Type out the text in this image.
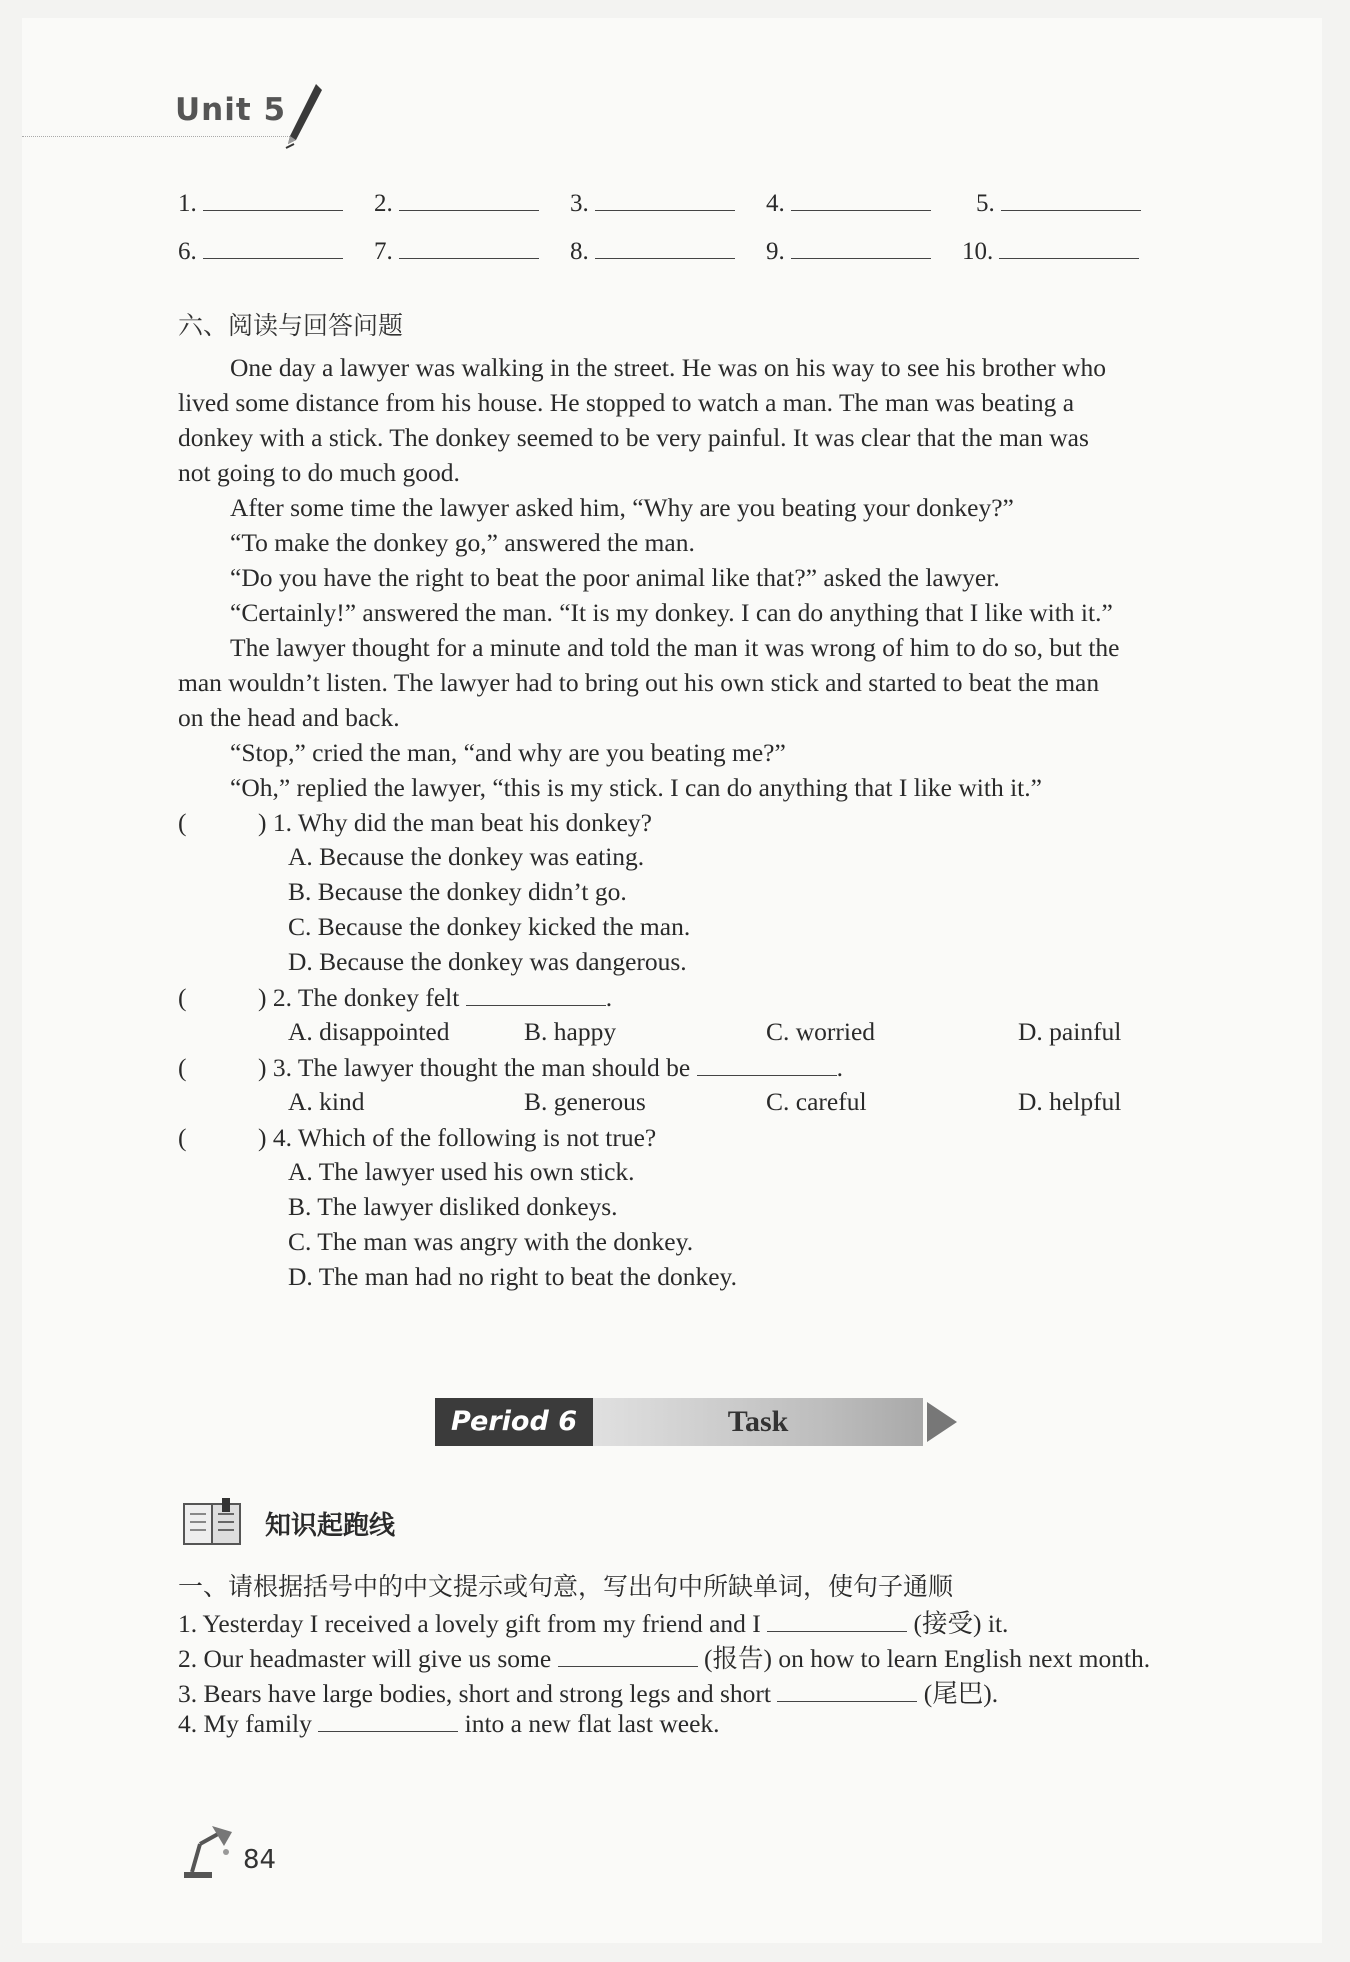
Unit 5
1.	2.	3.	4.	5.
6.	7.	8.	9.	10.
六、阅读与回答问题

One day a lawyer was walking in the street. He was on his way to see his brother who

lived some distance from his house. He stopped to watch a man. The man was beating a

donkey with a stick. The donkey seemed to be very painful. It was clear that the man was

not going to do much good.

After some time the lawyer asked him, “Why are you beating your donkey?”

“To make the donkey go,” answered the man.

“Do you have the right to beat the poor animal like that?” asked the lawyer.

“Certainly!” answered the man. “It is my donkey. I can do anything that I like with it.”

The lawyer thought for a minute and told the man it was wrong of him to do so, but the

man wouldn’t listen. The lawyer had to bring out his own stick and started to beat the man

on the head and back.

“Stop,” cried the man, “and why are you beating me?”

“Oh,” replied the lawyer, “this is my stick. I can do anything that I like with it.”

(	) 1. Why did the man beat his donkey?
A. Because the donkey was eating.
B. Because the donkey didn’t go.
C. Because the donkey kicked the man.
D. Because the donkey was dangerous.
(	) 2. The donkey felt	.
A. disappointed	B. happy	C. worried	D. painful
(	) 3. The lawyer thought the man should be	.
A. kind	B. generous	C. careful	D. helpful
(	) 4. Which of the following is not true?
A. The lawyer used his own stick.
B. The lawyer disliked donkeys.
C. The man was angry with the donkey.
D. The man had no right to beat the donkey.
Period 6	Task
知识起跑线
一、请根据括号中的中文提示或句意，写出句中所缺单词，使句子通顺
1. Yesterday I received a lovely gift from my friend and I	(接受) it.
2. Our headmaster will give us some	(报告) on how to learn English next month.
3. Bears have large bodies, short and strong legs and short	(尾巴).
4. My family	into a new flat last week.
84
